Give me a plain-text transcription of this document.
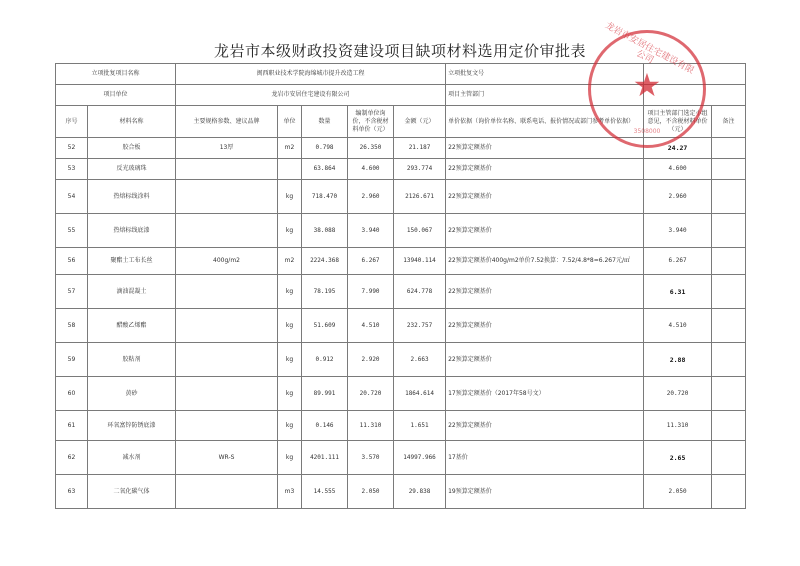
龙岩市本级财政投资建设项目缺项材料选用定价审批表
立项批复项目名称		闽西职业技术学院海绵城市提升改造工程					立项批复文号		
项目单位		龙岩市安居住宅建设有限公司					项目主管部门		
序号	材料名称	主要规格参数、建议品牌	单位	数量	编制单位询价，不含税材料单价（元）	金额（元）	单价依据（询价单位名称、联系电话、报价情况或部门参考单价依据）	项目主管部门选定小组意见，不含税材料单价（元）	备注
52	胶合板	13厚	m2	0.798	26.350	21.187	22预算定额基价	24.27	
53	反光玻璃珠			63.864	4.600	293.774	22预算定额基价	4.600	
54	热熔标线涂料		kg	718.470	2.960	2126.671	22预算定额基价	2.960	
55	热熔标线底漆		kg	38.088	3.940	150.067	22预算定额基价	3.940	
56	聚酯土工布长丝	400g/m2	m2	2224.368	6.267	13940.114	22预算定额基价400g/m2单价7.52换算：7.52/4.8*8=6.267元/㎡	6.267	
57	滴油混凝土		kg	78.195	7.990	624.778	22预算定额基价	6.31	
58	醋酸乙烯酯		kg	51.609	4.510	232.757	22预算定额基价	4.510	
59	胶粘剂		kg	0.912	2.920	2.663	22预算定额基价	2.88	
60	黄砂		kg	89.991	20.720	1864.614	17预算定额基价（2017年58号文）	20.720	
61	环氧富锌防锈底漆		kg	0.146	11.310	1.651	22预算定额基价	11.310	
62	减水剂	WR-S	kg	4201.111	3.570	14997.966	17基价	2.65	
63	二氧化碳气体		m3	14.555	2.050	29.838	19预算定额基价	2.050	
龙岩市安居住宅建设有限公司
★
3508000
